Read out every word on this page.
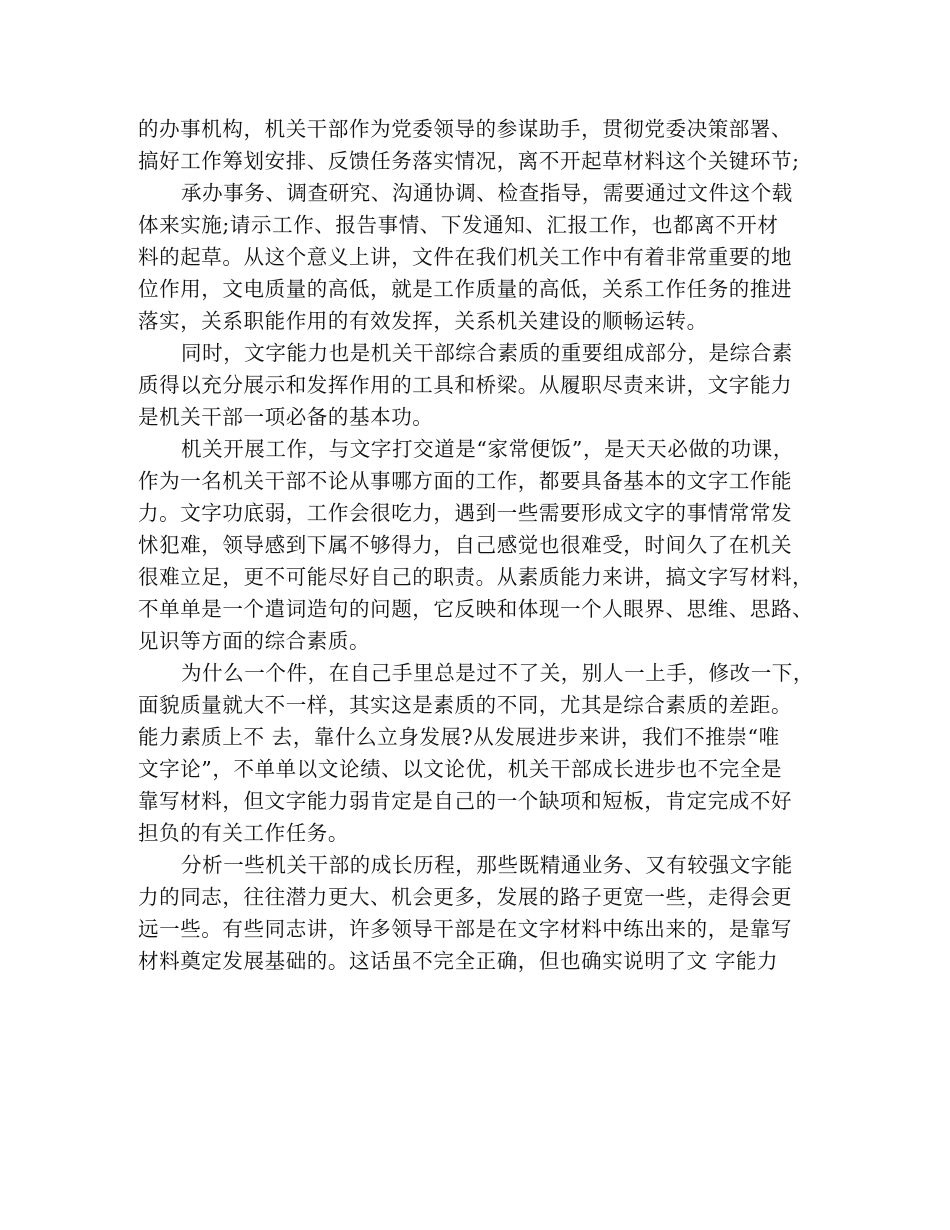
的办事机构，机关干部作为党委领导的参谋助手，贯彻党委决策部署、
搞好工作筹划安排、反馈任务落实情况，离不开起草材料这个关键环节;
承办事务、调查研究、沟通协调、检查指导，需要通过文件这个载
体来实施;请示工作、报告事情、下发通知、汇报工作，也都离不开材
料的起草。从这个意义上讲，文件在我们机关工作中有着非常重要的地
位作用，文电质量的高低，就是工作质量的高低，关系工作任务的推进
落实，关系职能作用的有效发挥，关系机关建设的顺畅运转。
同时，文字能力也是机关干部综合素质的重要组成部分，是综合素
质得以充分展示和发挥作用的工具和桥梁。从履职尽责来讲，文字能力
是机关干部一项必备的基本功。
机关开展工作，与文字打交道是“家常便饭”，是天天必做的功课，
作为一名机关干部不论从事哪方面的工作，都要具备基本的文字工作能
力。文字功底弱，工作会很吃力，遇到一些需要形成文字的事情常常发
怵犯难，领导感到下属不够得力，自己感觉也很难受，时间久了在机关
很难立足，更不可能尽好自己的职责。从素质能力来讲，搞文字写材料，
不单单是一个遣词造句的问题，它反映和体现一个人眼界、思维、思路、
见识等方面的综合素质。
为什么一个件，在自己手里总是过不了关，别人一上手，修改一下，
面貌质量就大不一样，其实这是素质的不同，尤其是综合素质的差距。
能力素质上不 去，靠什么立身发展?从发展进步来讲，我们不推崇“唯
文字论”，不单单以文论绩、以文论优，机关干部成长进步也不完全是
靠写材料，但文字能力弱肯定是自己的一个缺项和短板，肯定完成不好
担负的有关工作任务。
分析一些机关干部的成长历程，那些既精通业务、又有较强文字能
力的同志，往往潜力更大、机会更多，发展的路子更宽一些，走得会更
远一些。有些同志讲，许多领导干部是在文字材料中练出来的，是靠写
材料奠定发展基础的。这话虽不完全正确，但也确实说明了文 字能力
